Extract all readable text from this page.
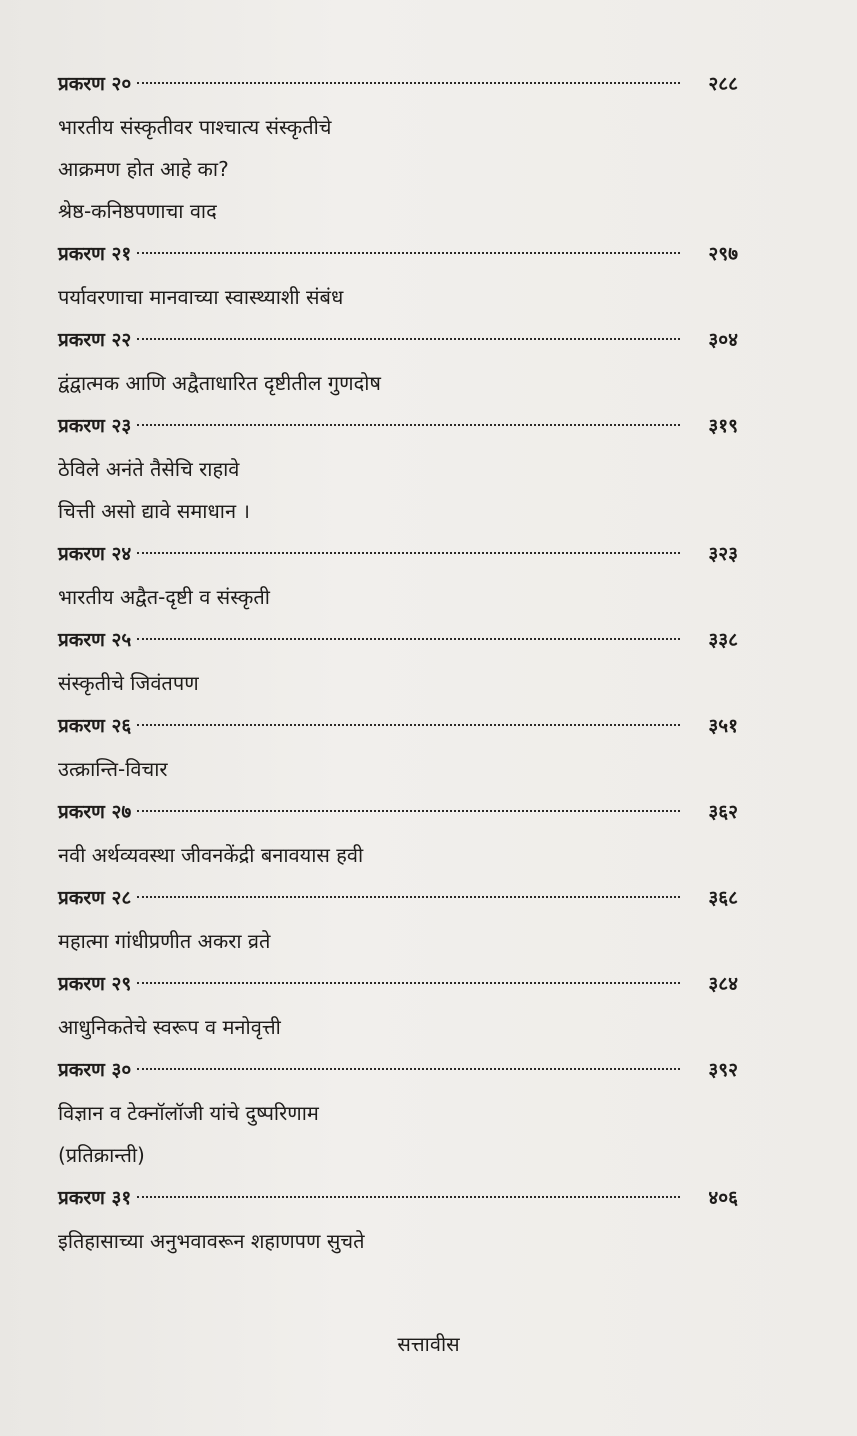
प्रकरण २०	२८८
भारतीय संस्कृतीवर पाश्चात्य संस्कृतीचे
आक्रमण होत आहे का?
श्रेष्ठ-कनिष्ठपणाचा वाद
प्रकरण २१	२९७
पर्यावरणाचा मानवाच्या स्वास्थ्याशी संबंध
प्रकरण २२	३०४
द्वंद्वात्मक आणि अद्वैताधारित दृष्टीतील गुणदोष
प्रकरण २३	३१९
ठेविले अनंते तैसेचि राहावे
चित्ती असो द्यावे समाधान ।
प्रकरण २४	३२३
भारतीय अद्वैत-दृष्टी व संस्कृती
प्रकरण २५	३३८
संस्कृतीचे जिवंतपण
प्रकरण २६	३५१
उत्क्रान्ति-विचार
प्रकरण २७	३६२
नवी अर्थव्यवस्था जीवनकेंद्री बनावयास हवी
प्रकरण २८	३६८
महात्मा गांधीप्रणीत अकरा व्रते
प्रकरण २९	३८४
आधुनिकतेचे स्वरूप व मनोवृत्ती
प्रकरण ३०	३९२
विज्ञान व टेक्नॉलॉजी यांचे दुष्परिणाम
(प्रतिक्रान्ती)
प्रकरण ३१	४०६
इतिहासाच्या अनुभवावरून शहाणपण सुचते
सत्तावीस
